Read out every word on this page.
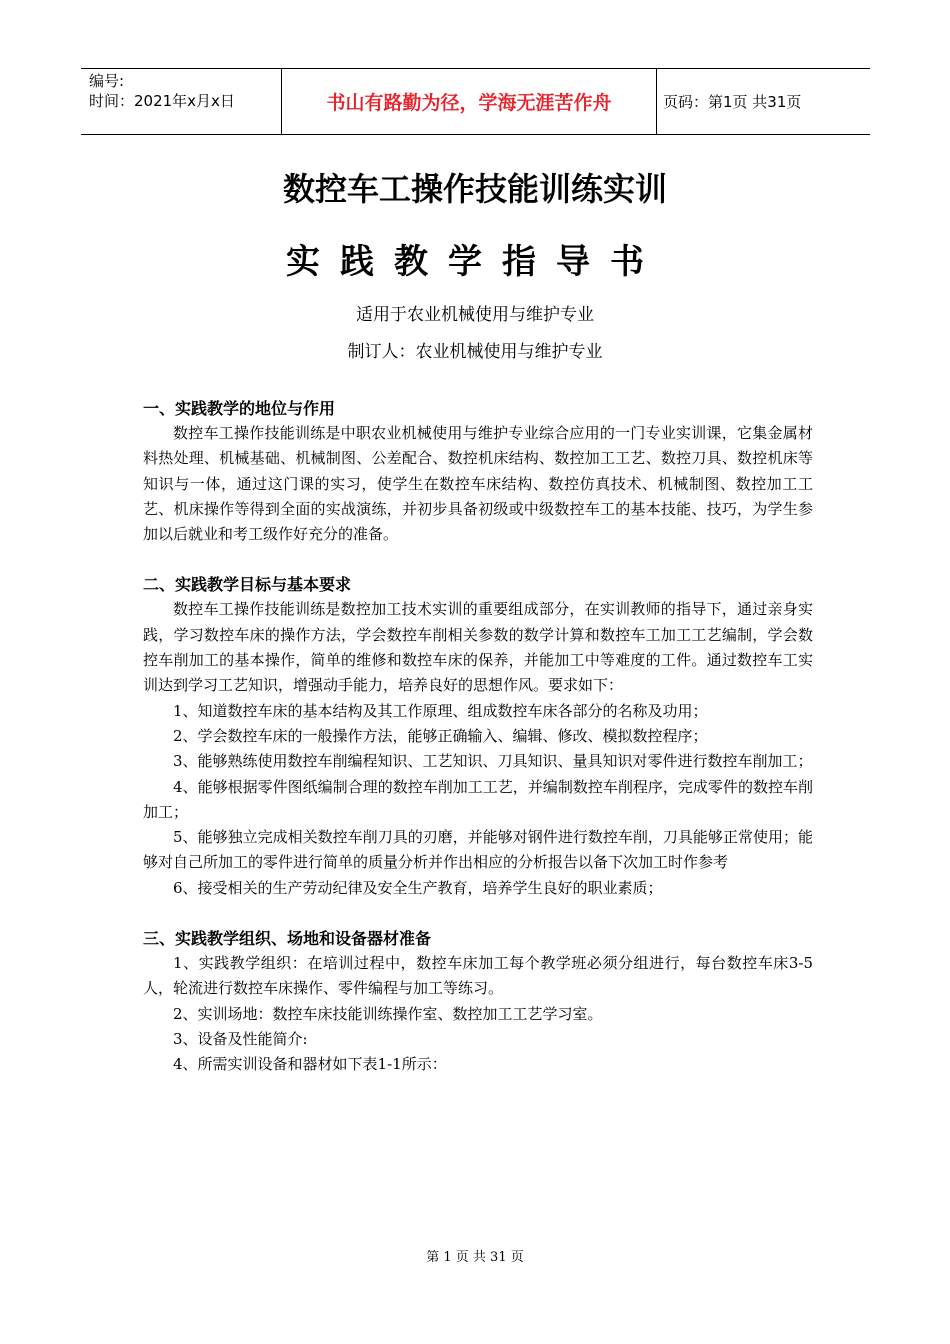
编号:
时间：2021年x月x日	书山有路勤为径，学海无涯苦作舟	页码：第1页 共31页
数控车工操作技能训练实训
实践教学指导书
适用于农业机械使用与维护专业
制订人：农业机械使用与维护专业
一、实践教学的地位与作用

数控车工操作技能训练是中职农业机械使用与维护专业综合应用的一门专业实训课，它集金属材料热处理、机械基础、机械制图、公差配合、数控机床结构、数控加工工艺、数控刀具、数控机床等知识与一体，通过这门课的实习，使学生在数控车床结构、数控仿真技术、机械制图、数控加工工艺、机床操作等得到全面的实战演练，并初步具备初级或中级数控车工的基本技能、技巧，为学生参加以后就业和考工级作好充分的准备。

二、实践教学目标与基本要求

数控车工操作技能训练是数控加工技术实训的重要组成部分，在实训教师的指导下，通过亲身实践，学习数控车床的操作方法，学会数控车削相关参数的数学计算和数控车工加工工艺编制，学会数控车削加工的基本操作，简单的维修和数控车床的保养，并能加工中等难度的工件。通过数控车工实训达到学习工艺知识，增强动手能力，培养良好的思想作风。要求如下：

1、知道数控车床的基本结构及其工作原理、组成数控车床各部分的名称及功用；

2、学会数控车床的一般操作方法，能够正确输入、编辑、修改、模拟数控程序；

3、能够熟练使用数控车削编程知识、工艺知识、刀具知识、量具知识对零件进行数控车削加工；

4、能够根据零件图纸编制合理的数控车削加工工艺，并编制数控车削程序，完成零件的数控车削加工；

5、能够独立完成相关数控车削刀具的刃磨，并能够对钢件进行数控车削，刀具能够正常使用；能够对自己所加工的零件进行简单的质量分析并作出相应的分析报告以备下次加工时作参考

6、接受相关的生产劳动纪律及安全生产教育，培养学生良好的职业素质；

三、实践教学组织、场地和设备器材准备

1、实践教学组织：在培训过程中，数控车床加工每个教学班必须分组进行，每台数控车床3-5人，轮流进行数控车床操作、零件编程与加工等练习。

2、实训场地：数控车床技能训练操作室、数控加工工艺学习室。

3、设备及性能简介:

4、所需实训设备和器材如下表1-1所示：

第 1 页 共 31 页
